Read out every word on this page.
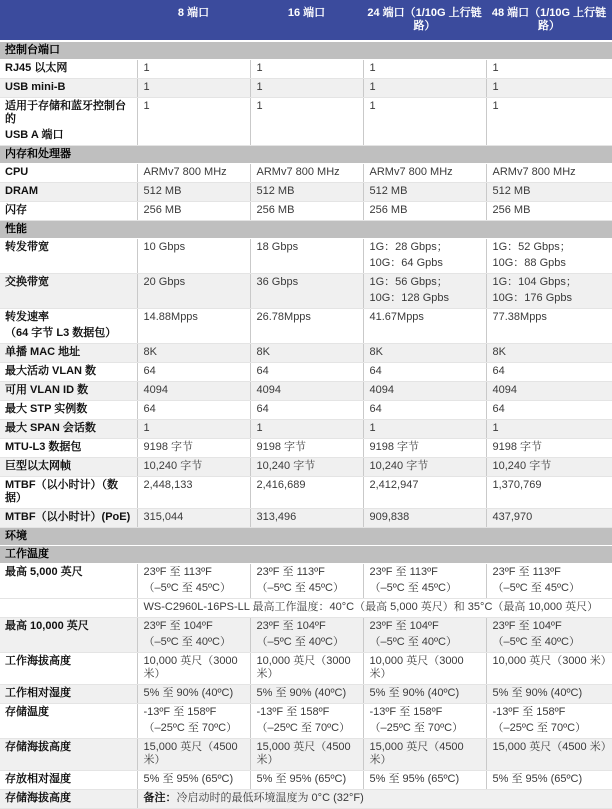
	8 端口	16 端口	24 端口（1/10G 上行链路）	48 端口（1/10G 上行链路）
控制台端口				

RJ45 以太网	1	1	1	1

USB mini-B	1	1	1	1

适用于存储和蓝牙控制台的
USB A 端口	1	1	1	1

内存和处理器				

CPU	ARMv7 800 MHz	ARMv7 800 MHz	ARMv7 800 MHz	ARMv7 800 MHz

DRAM	512 MB	512 MB	512 MB	512 MB

闪存	256 MB	256 MB	256 MB	256 MB

性能				

转发带宽	10 Gbps	18 Gbps	1G：28 Gbps；
10G：64 Gpbs	1G：52 Gbps；
10G：88 Gpbs

交换带宽	20 Gbps	36 Gbps	1G：56 Gbps；
10G：128 Gpbs	1G：104 Gbps；
10G：176 Gpbs

转发速率
（64 字节 L3 数据包）	14.88Mpps	26.78Mpps	41.67Mpps	77.38Mpps

单播 MAC 地址	8K	8K	8K	8K

最大活动 VLAN 数	64	64	64	64

可用 VLAN ID 数	4094	4094	4094	4094

最大 STP 实例数	64	64	64	64

最大 SPAN 会话数	1	1	1	1

MTU-L3 数据包	9198 字节	9198 字节	9198 字节	9198 字节

巨型以太网帧	10,240 字节	10,240 字节	10,240 字节	10,240 字节

MTBF（以小时计）（数据）	2,448,133	2,416,689	2,412,947	1,370,769

MTBF（以小时计）(PoE)	315,044	313,496	909,838	437,970

环境				
工作温度				

最高 5,000 英尺	23ºF 至 113ºF
（–5ºC 至 45ºC）	23ºF 至 113ºF
（–5ºC 至 45ºC）	23ºF 至 113ºF
（–5ºC 至 45ºC）	23ºF 至 113ºF
（–5ºC 至 45ºC）

	WS-C2960L-16PS-LL 最高工作温度：40°C（最高 5,000 英尺）和 35°C（最高 10,000 英尺）			

最高 10,000 英尺	23ºF 至 104ºF
（–5ºC 至 40ºC）	23ºF 至 104ºF
（–5ºC 至 40ºC）	23ºF 至 104ºF
（–5ºC 至 40ºC）	23ºF 至 104ºF
（–5ºC 至 40ºC）

工作海拔高度	10,000 英尺（3000 米）	10,000 英尺（3000 米）	10,000 英尺（3000 米）	10,000 英尺（3000 米）

工作相对湿度	5% 至 90% (40ºC)	5% 至 90% (40ºC)	5% 至 90% (40ºC)	5% 至 90% (40ºC)

存储温度	-13ºF 至 158ºF
（–25ºC 至 70ºC）	-13ºF 至 158ºF
（–25ºC 至 70ºC）	-13ºF 至 158ºF
（–25ºC 至 70ºC）	-13ºF 至 158ºF
（–25ºC 至 70ºC）

存储海拔高度	15,000 英尺（4500 米）	15,000 英尺（4500 米）	15,000 英尺（4500 米）	15,000 英尺（4500 米）

存放相对湿度	5% 至 95% (65ºC)	5% 至 95% (65ºC)	5% 至 95% (65ºC)	5% 至 95% (65ºC)

存储海拔高度	备注：冷启动时的最低环境温度为 0°C (32°F)			
